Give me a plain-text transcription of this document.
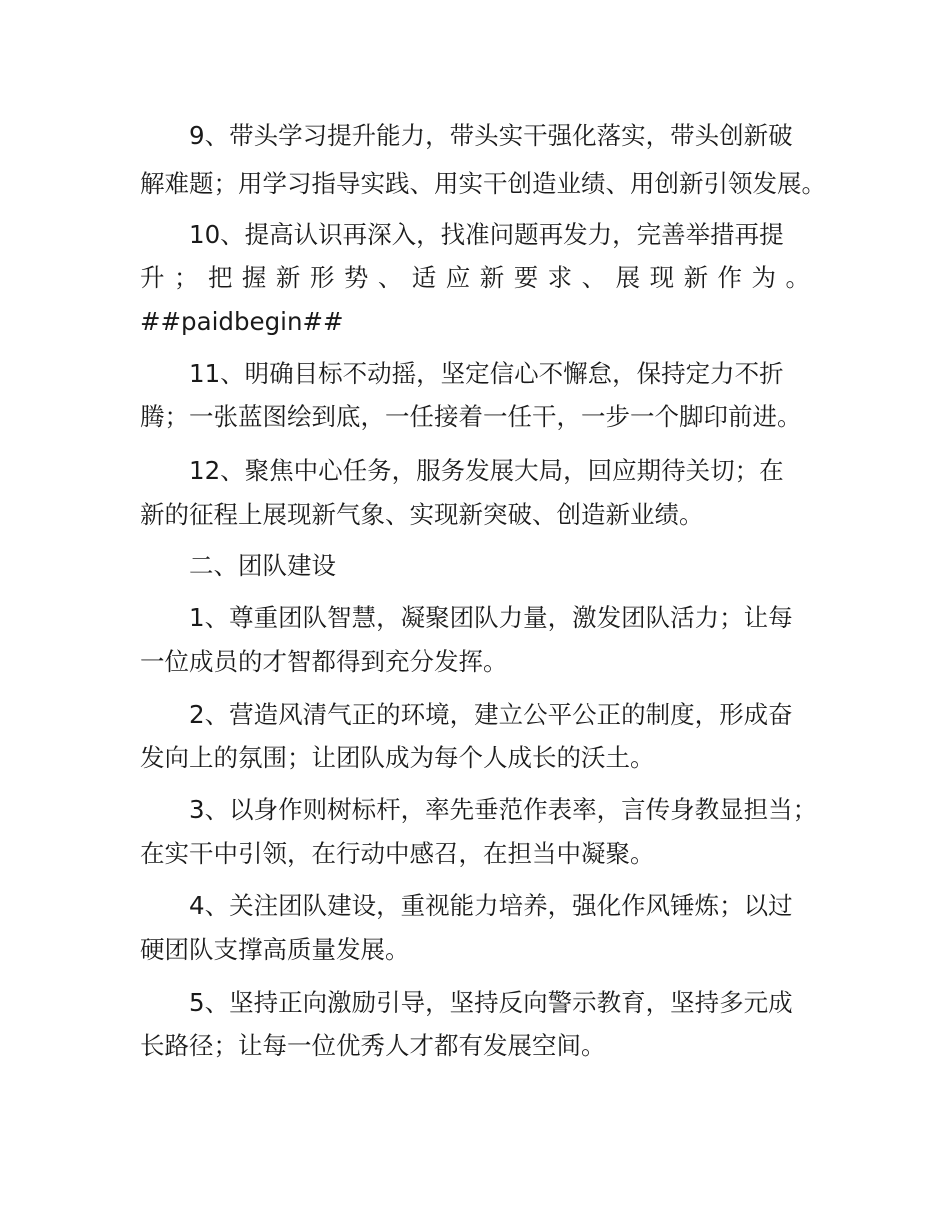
9、带头学习提升能力，带头实干强化落实，带头创新破
解难题；用学习指导实践、用实干创造业绩、用创新引领发展。
10、提高认识再深入，找准问题再发力，完善举措再提
升；把握新形势、适应新要求、展现新作为。
##paidbegin##
11、明确目标不动摇，坚定信心不懈怠，保持定力不折
腾；一张蓝图绘到底，一任接着一任干，一步一个脚印前进。
12、聚焦中心任务，服务发展大局，回应期待关切；在
新的征程上展现新气象、实现新突破、创造新业绩。
二、团队建设
1、尊重团队智慧，凝聚团队力量，激发团队活力；让每
一位成员的才智都得到充分发挥。
2、营造风清气正的环境，建立公平公正的制度，形成奋
发向上的氛围；让团队成为每个人成长的沃土。
3、以身作则树标杆，率先垂范作表率，言传身教显担当；
在实干中引领，在行动中感召，在担当中凝聚。
4、关注团队建设，重视能力培养，强化作风锤炼；以过
硬团队支撑高质量发展。
5、坚持正向激励引导，坚持反向警示教育，坚持多元成
长路径；让每一位优秀人才都有发展空间。
